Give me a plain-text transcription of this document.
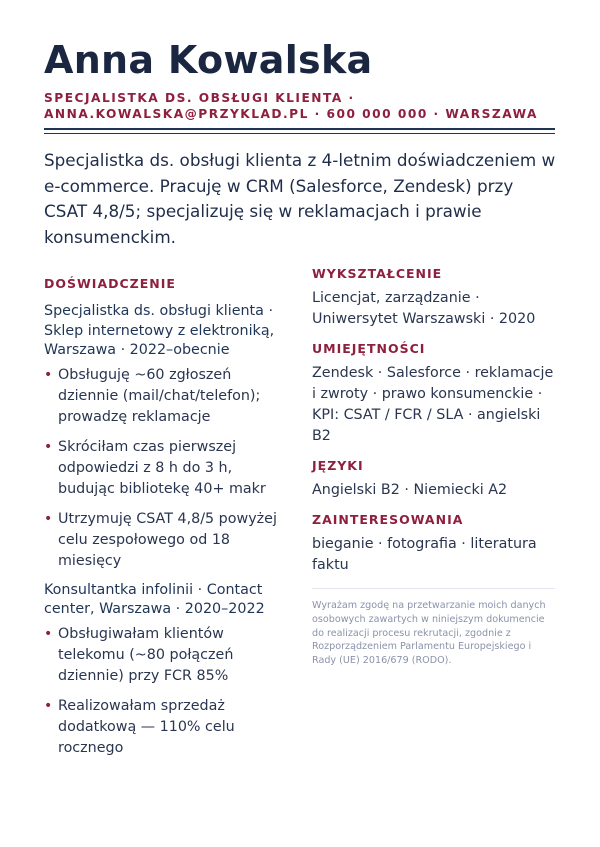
Anna Kowalska
SPECJALISTKA DS. OBSŁUGI KLIENTA ·
ANNA.KOWALSKA@PRZYKLAD.PL · 600 000 000 · WARSZAWA
Specjalistka ds. obsługi klienta z 4-letnim doświadczeniem w e-commerce. Pracuję w CRM (Salesforce, Zendesk) przy CSAT 4,8/5; specjalizuję się w reklamacjach i prawie konsumenckim.
DOŚWIADCZENIE
Specjalistka ds. obsługi klienta · Sklep internetowy z elektroniką, Warszawa · 2022–obecnie
• Obsługuję ~60 zgłoszeń dziennie (mail/chat/telefon); prowadzę reklamacje
• Skróciłam czas pierwszej odpowiedzi z 8 h do 3 h, budując bibliotekę 40+ makr
• Utrzymuję CSAT 4,8/5 powyżej celu zespołowego od 18 miesięcy
Konsultantka infolinii · Contact center, Warszawa · 2020–2022
• Obsługiwałam klientów telekomu (~80 połączeń dziennie) przy FCR 85%
• Realizowałam sprzedaż dodatkową — 110% celu rocznego
WYKSZTAŁCENIE
Licencjat, zarządzanie · Uniwersytet Warszawski · 2020
UMIEJĘTNOŚCI
Zendesk · Salesforce · reklamacje i zwroty · prawo konsumenckie · KPI: CSAT / FCR / SLA · angielski B2
JĘZYKI
Angielski B2 · Niemiecki A2
ZAINTERESOWANIA
bieganie · fotografia · literatura faktu
Wyrażam zgodę na przetwarzanie moich danych osobowych zawartych w niniejszym dokumencie do realizacji procesu rekrutacji, zgodnie z Rozporządzeniem Parlamentu Europejskiego i Rady (UE) 2016/679 (RODO).
